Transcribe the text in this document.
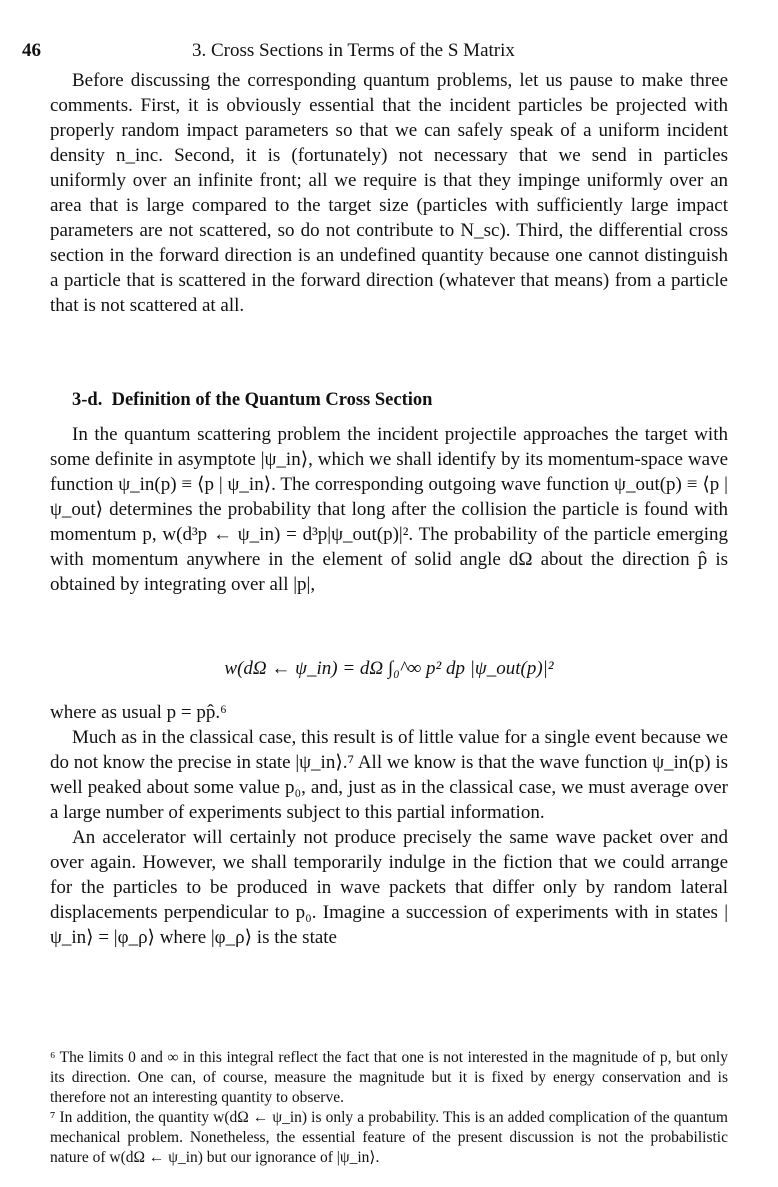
46	3. Cross Sections in Terms of the S Matrix

Before discussing the corresponding quantum problems, let us pause to make three comments. First, it is obviously essential that the incident particles be projected with properly random impact parameters so that we can safely speak of a uniform incident density n_inc. Second, it is (fortunately) not necessary that we send in particles uniformly over an infinite front; all we require is that they impinge uniformly over an area that is large compared to the target size (particles with sufficiently large impact parameters are not scattered, so do not contribute to N_sc). Third, the differential cross section in the forward direction is an undefined quantity because one cannot distinguish a particle that is scattered in the forward direction (whatever that means) from a particle that is not scattered at all.

3-d. Definition of the Quantum Cross Section

In the quantum scattering problem the incident projectile approaches the target with some definite in asymptote |ψ_in⟩, which we shall identify by its momentum-space wave function ψ_in(p) ≡ ⟨p | ψ_in⟩. The corresponding outgoing wave function ψ_out(p) ≡ ⟨p | ψ_out⟩ determines the probability that long after the collision the particle is found with momentum p, w(d³p ← ψ_in) = d³p|ψ_out(p)|². The probability of the particle emerging with momentum anywhere in the element of solid angle dΩ about the direction p̂ is obtained by integrating over all |p|,

w(dΩ ← ψ_in) = dΩ ∫₀^∞ p² dp |ψ_out(p)|²

where as usual p = pp̂.⁶

Much as in the classical case, this result is of little value for a single event because we do not know the precise in state |ψ_in⟩.⁷ All we know is that the wave function ψ_in(p) is well peaked about some value p₀, and, just as in the classical case, we must average over a large number of experiments subject to this partial information.

An accelerator will certainly not produce precisely the same wave packet over and over again. However, we shall temporarily indulge in the fiction that we could arrange for the particles to be produced in wave packets that differ only by random lateral displacements perpendicular to p₀. Imagine a succession of experiments with in states |ψ_in⟩ = |φ_ρ⟩ where |φ_ρ⟩ is the state

⁶ The limits 0 and ∞ in this integral reflect the fact that one is not interested in the magnitude of p, but only its direction. One can, of course, measure the magnitude but it is fixed by energy conservation and is therefore not an interesting quantity to observe.

⁷ In addition, the quantity w(dΩ ← ψ_in) is only a probability. This is an added complication of the quantum mechanical problem. Nonetheless, the essential feature of the present discussion is not the probabilistic nature of w(dΩ ← ψ_in) but our ignorance of |ψ_in⟩.
